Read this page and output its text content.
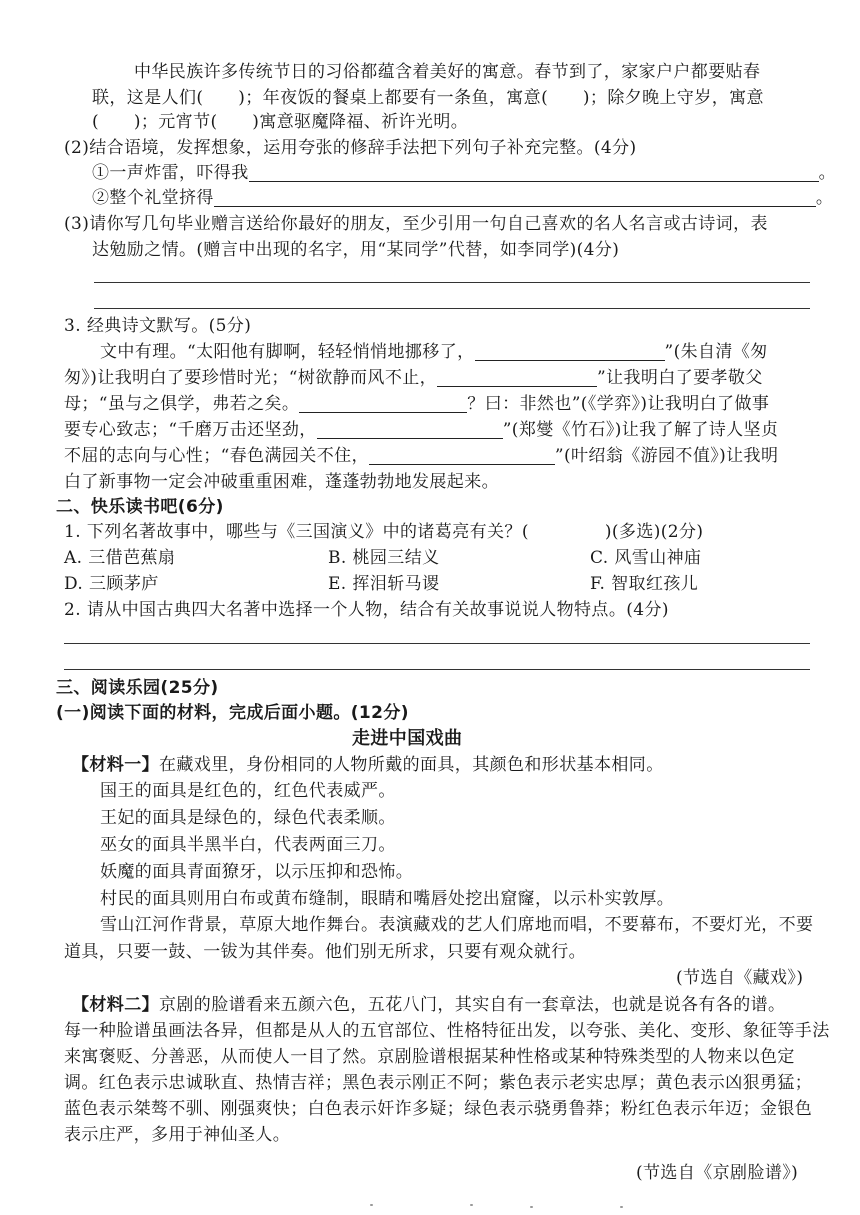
中华民族许多传统节日的习俗都蕴含着美好的寓意。春节到了，家家户户都要贴春
联，这是人们(　　)；年夜饭的餐桌上都要有一条鱼，寓意(　　)；除夕晚上守岁，寓意
(　　)；元宵节(　　)寓意驱魔降福、祈许光明。
(2)结合语境，发挥想象，运用夸张的修辞手法把下列句子补充完整。(4分)
①一声炸雷，吓得我	。
②整个礼堂挤得	。
(3)请你写几句毕业赠言送给你最好的朋友，至少引用一句自己喜欢的名人名言或古诗词，表
达勉励之情。(赠言中出现的名字，用“某同学”代替，如李同学)(4分)
3. 经典诗文默写。(5分)
文中有理。“太阳他有脚啊，轻轻悄悄地挪移了，	”(朱自清《匆
匆》)让我明白了要珍惜时光；“树欲静而风不止，	”让我明白了要孝敬父
母；“虽与之俱学，弗若之矣。	？曰：非然也”(《学弈》)让我明白了做事
要专心致志；“千磨万击还坚劲，	”(郑燮《竹石》)让我了解了诗人坚贞
不屈的志向与心性；“春色满园关不住，	”(叶绍翁《游园不值》)让我明
白了新事物一定会冲破重重困难，蓬蓬勃勃地发展起来。
二、快乐读书吧(6分)
1. 下列名著故事中，哪些与《三国演义》中的诸葛亮有关？(	)(多选)(2分)
A. 三借芭蕉扇	B. 桃园三结义	C. 风雪山神庙
D. 三顾茅庐	E. 挥泪斩马谡	F. 智取红孩儿
2. 请从中国古典四大名著中选择一个人物，结合有关故事说说人物特点。(4分)
三、阅读乐园(25分)
(一)阅读下面的材料，完成后面小题。(12分)
走进中国戏曲
【材料一】在藏戏里，身份相同的人物所戴的面具，其颜色和形状基本相同。
国王的面具是红色的，红色代表威严。
王妃的面具是绿色的，绿色代表柔顺。
巫女的面具半黑半白，代表两面三刀。
妖魔的面具青面獠牙，以示压抑和恐怖。
村民的面具则用白布或黄布缝制，眼睛和嘴唇处挖出窟窿，以示朴实敦厚。
雪山江河作背景，草原大地作舞台。表演藏戏的艺人们席地而唱，不要幕布，不要灯光，不要
道具，只要一鼓、一钹为其伴奏。他们别无所求，只要有观众就行。
(节选自《藏戏》)
【材料二】京剧的脸谱看来五颜六色，五花八门，其实自有一套章法，也就是说各有各的谱。
每一种脸谱虽画法各异，但都是从人的五官部位、性格特征出发，以夸张、美化、变形、象征等手法
来寓褒贬、分善恶，从而使人一目了然。京剧脸谱根据某种性格或某种特殊类型的人物来以色定
调。红色表示忠诚耿直、热情吉祥；黑色表示刚正不阿；紫色表示老实忠厚；黄色表示凶狠勇猛；
蓝色表示桀骜不驯、刚强爽快；白色表示奸诈多疑；绿色表示骁勇鲁莽；粉红色表示年迈；金银色
表示庄严，多用于神仙圣人。
(节选自《京剧脸谱》)
